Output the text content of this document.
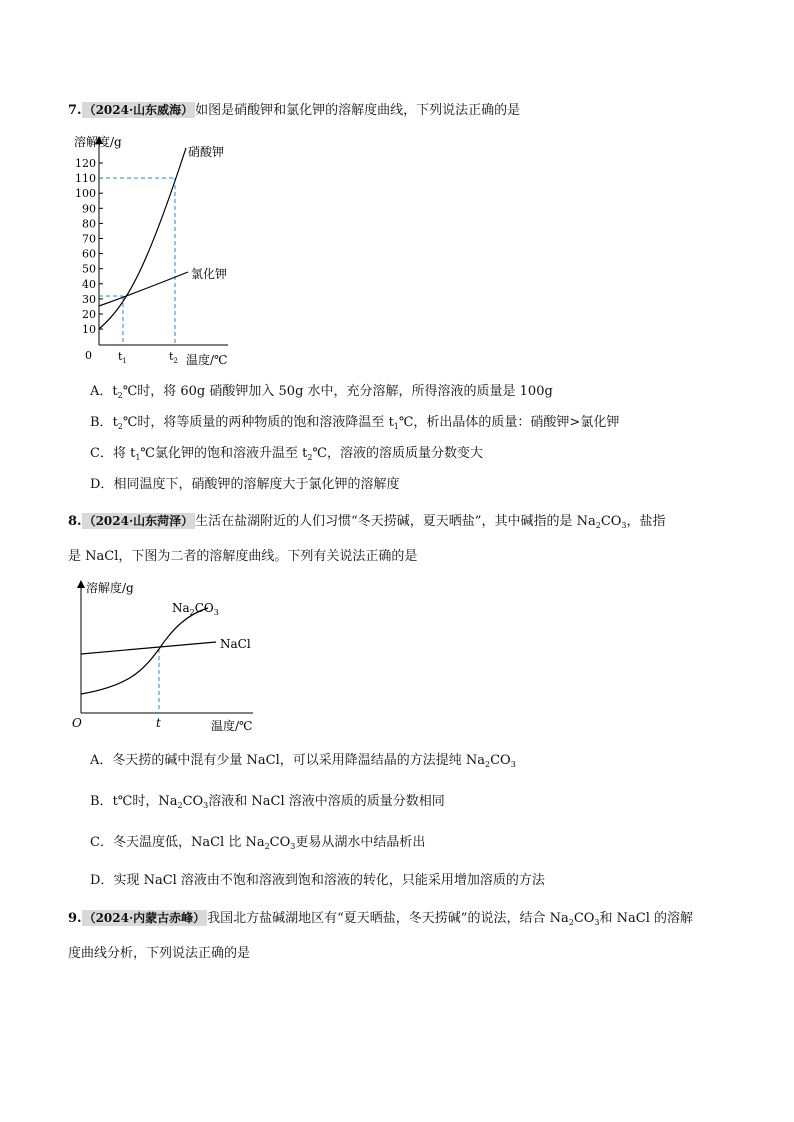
7. （2024·山东威海） 如图是硝酸钾和氯化钾的溶解度曲线，下列说法正确的是
120
110
100
90
80
70
60
50
40
30
20
10
溶解度/g
硝酸钾
氯化钾
0 $t_1$	$t_2$ 温度/℃
A．$t_2℃$时，将 60g 硝酸钾加入 50g 水中，充分溶解，所得溶液的质量是 100g
B．$t_2℃$时，将等质量的两种物质的饱和溶液降温至 $t_1℃$，析出晶体的质量：硝酸钾>氯化钾
C．将 $t_1℃$氯化钾的饱和溶液升温至 $t_2℃$，溶液的溶质质量分数变大
D．相同温度下，硝酸钾的溶解度大于氯化钾的溶解度
8. （2024·山东菏泽） 生活在盐湖附近的人们习惯“冬天捞碱，夏天晒盐”，其中碱指的是 $Na_2CO_3$，盐指
是 NaCl，下图为二者的溶解度曲线。下列有关说法正确的是
溶解度/g
$Na_2CO_3$
NaCl
O	t	温度/℃
A．冬天捞的碱中混有少量 NaCl，可以采用降温结晶的方法提纯 $Na_2CO_3$
B．t℃时，$Na_2CO_3$溶液和 NaCl 溶液中溶质的质量分数相同
C．冬天温度低，NaCl 比 $Na_2CO_3$更易从湖水中结晶析出
D．实现 NaCl 溶液由不饱和溶液到饱和溶液的转化，只能采用增加溶质的方法
9. （2024·内蒙古赤峰） 我国北方盐碱湖地区有“夏天晒盐，冬天捞碱”的说法，结合 $Na_2CO_3$和 NaCl 的溶解
度曲线分析，下列说法正确的是
